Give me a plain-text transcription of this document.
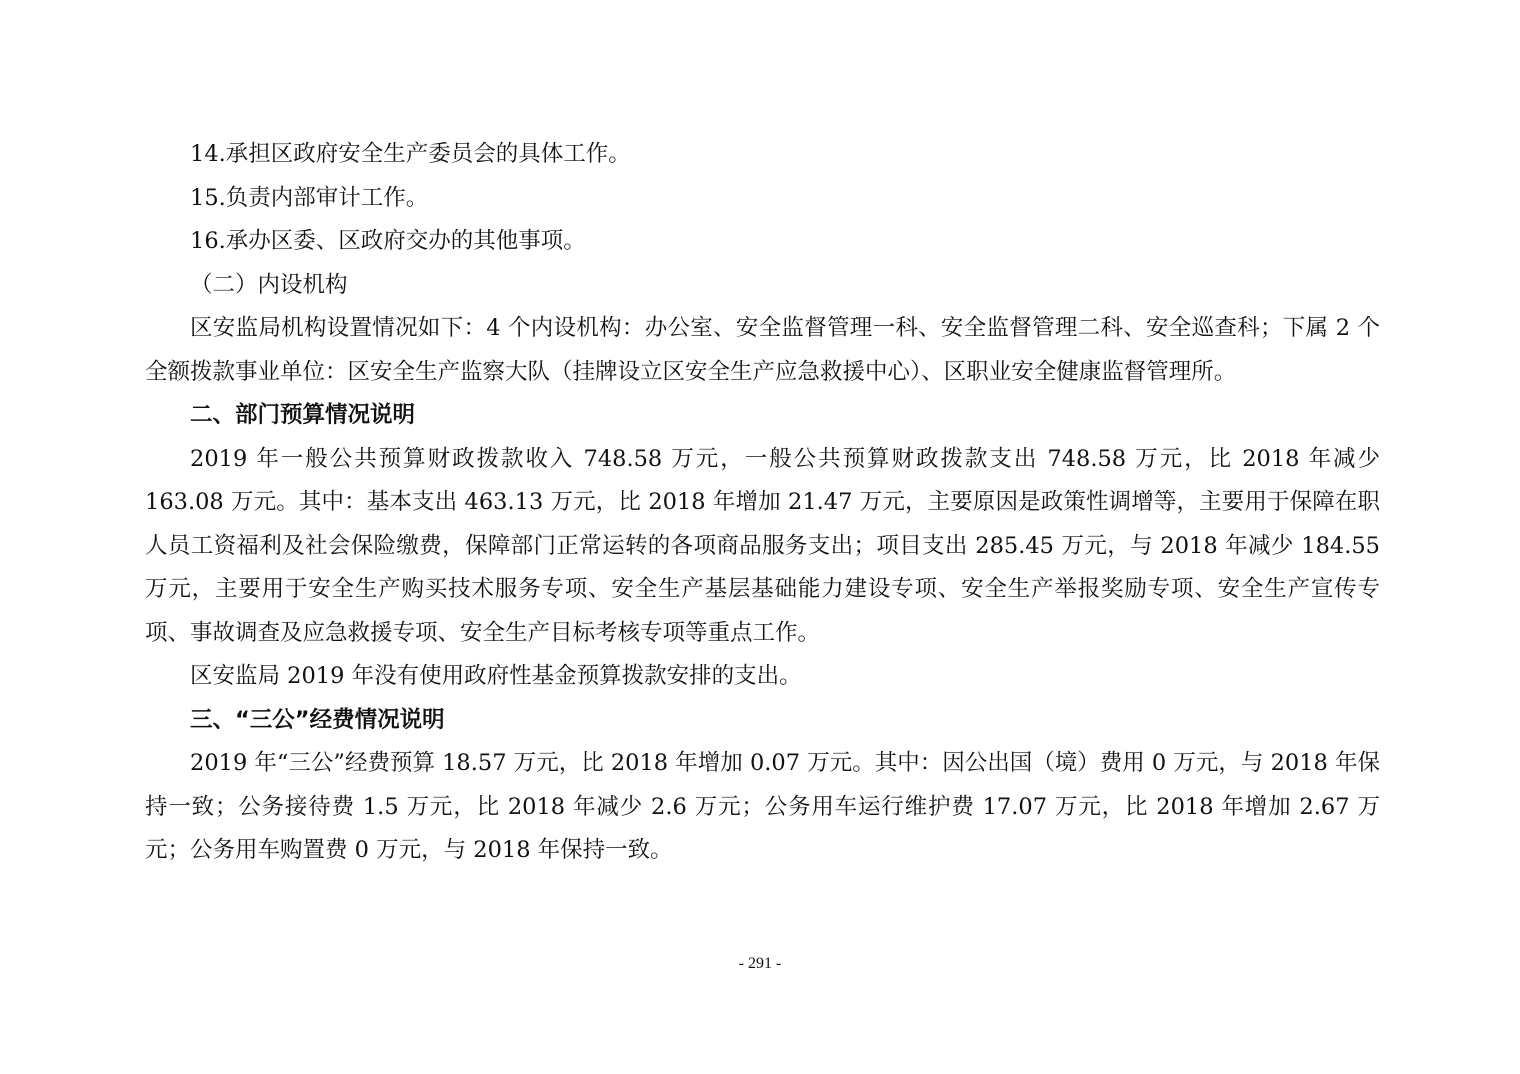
14.承担区政府安全生产委员会的具体工作。

15.负责内部审计工作。

16.承办区委、区政府交办的其他事项。

（二）内设机构

区安监局机构设置情况如下：4 个内设机构：办公室、安全监督管理一科、安全监督管理二科、安全巡查科；下属 2 个全额拨款事业单位：区安全生产监察大队（挂牌设立区安全生产应急救援中心）、区职业安全健康监督管理所。

二、部门预算情况说明

2019 年一般公共预算财政拨款收入 748.58 万元，一般公共预算财政拨款支出 748.58 万元，比 2018 年减少 163.08 万元。其中：基本支出 463.13 万元，比 2018 年增加 21.47 万元，主要原因是政策性调增等，主要用于保障在职人员工资福利及社会保险缴费，保障部门正常运转的各项商品服务支出；项目支出 285.45 万元，与 2018 年减少 184.55 万元，主要用于安全生产购买技术服务专项、安全生产基层基础能力建设专项、安全生产举报奖励专项、安全生产宣传专项、事故调查及应急救援专项、安全生产目标考核专项等重点工作。

区安监局 2019 年没有使用政府性基金预算拨款安排的支出。

三、“三公”经费情况说明

2019 年“三公”经费预算 18.57 万元，比 2018 年增加 0.07 万元。其中：因公出国（境）费用 0 万元，与 2018 年保持一致；公务接待费 1.5 万元，比 2018 年减少 2.6 万元；公务用车运行维护费 17.07 万元，比 2018 年增加 2.67 万元；公务用车购置费 0 万元，与 2018 年保持一致。

- 291 -
